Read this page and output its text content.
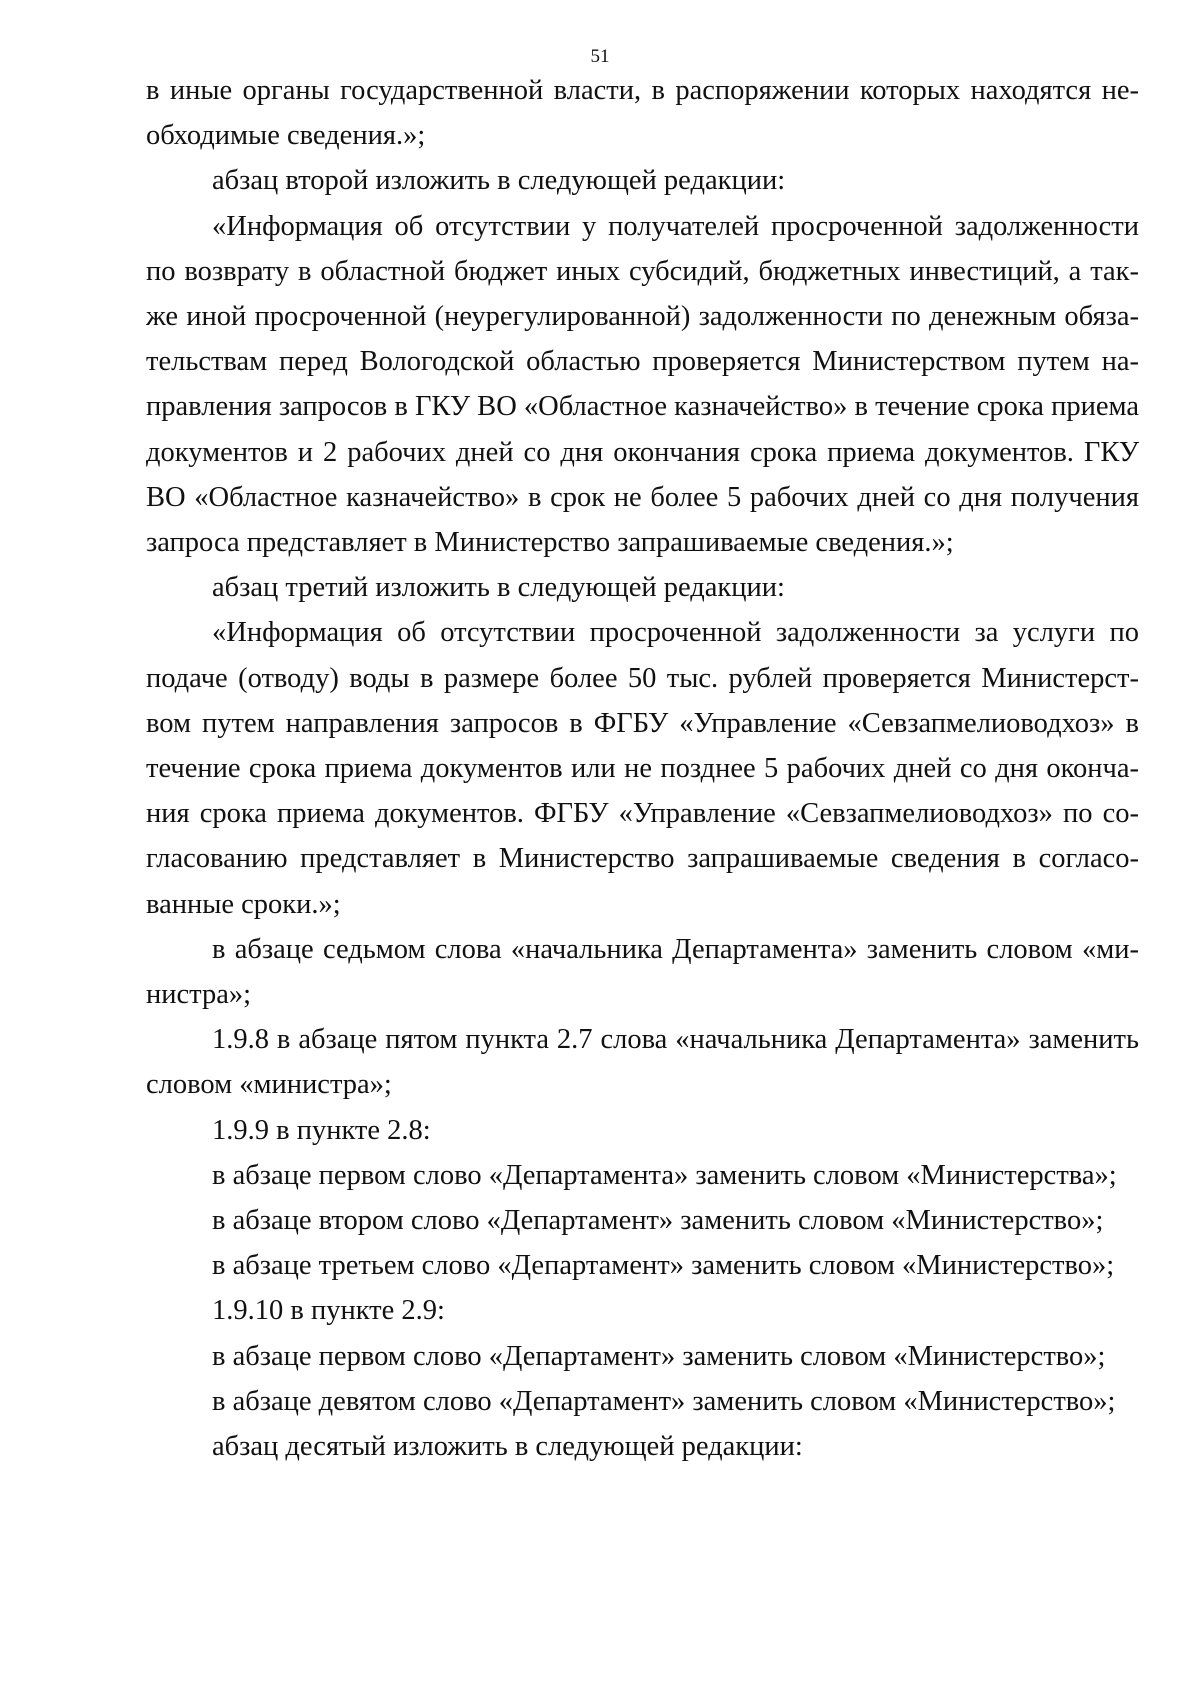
51

в иные органы государственной власти, в распоряжении которых находятся необходимые сведения.»;

абзац второй изложить в следующей редакции:

«Информация об отсутствии у получателей просроченной задолженности по возврату в областной бюджет иных субсидий, бюджетных инвестиций, а также иной просроченной (неурегулированной) задолженности по денежным обязательствам перед Вологодской областью проверяется Министерством путем направления запросов в ГКУ ВО «Областное казначейство» в течение срока приема документов и 2 рабочих дней со дня окончания срока приема документов. ГКУ ВО «Областное казначейство» в срок не более 5 рабочих дней со дня получения запроса представляет в Министерство запрашиваемые сведения.»;

абзац третий изложить в следующей редакции:

«Информация об отсутствии просроченной задолженности за услуги по подаче (отводу) воды в размере более 50 тыс. рублей проверяется Министерством путем направления запросов в ФГБУ «Управление «Севзапмелиоводхоз» в течение срока приема документов или не позднее 5 рабочих дней со дня окончания срока приема документов. ФГБУ «Управление «Севзапмелиоводхоз» по согласованию представляет в Министерство запрашиваемые сведения в согласованные сроки.»;

в абзаце седьмом слова «начальника Департамента» заменить словом «министра»;

1.9.8 в абзаце пятом пункта 2.7 слова «начальника Департамента» заменить словом «министра»;

1.9.9 в пункте 2.8:

в абзаце первом слово «Департамента» заменить словом «Министерства»;

в абзаце втором слово «Департамент» заменить словом «Министерство»;

в абзаце третьем слово «Департамент» заменить словом «Министерство»;

1.9.10 в пункте 2.9:

в абзаце первом слово «Департамент» заменить словом «Министерство»;

в абзаце девятом слово «Департамент» заменить словом «Министерство»;

абзац десятый изложить в следующей редакции:
